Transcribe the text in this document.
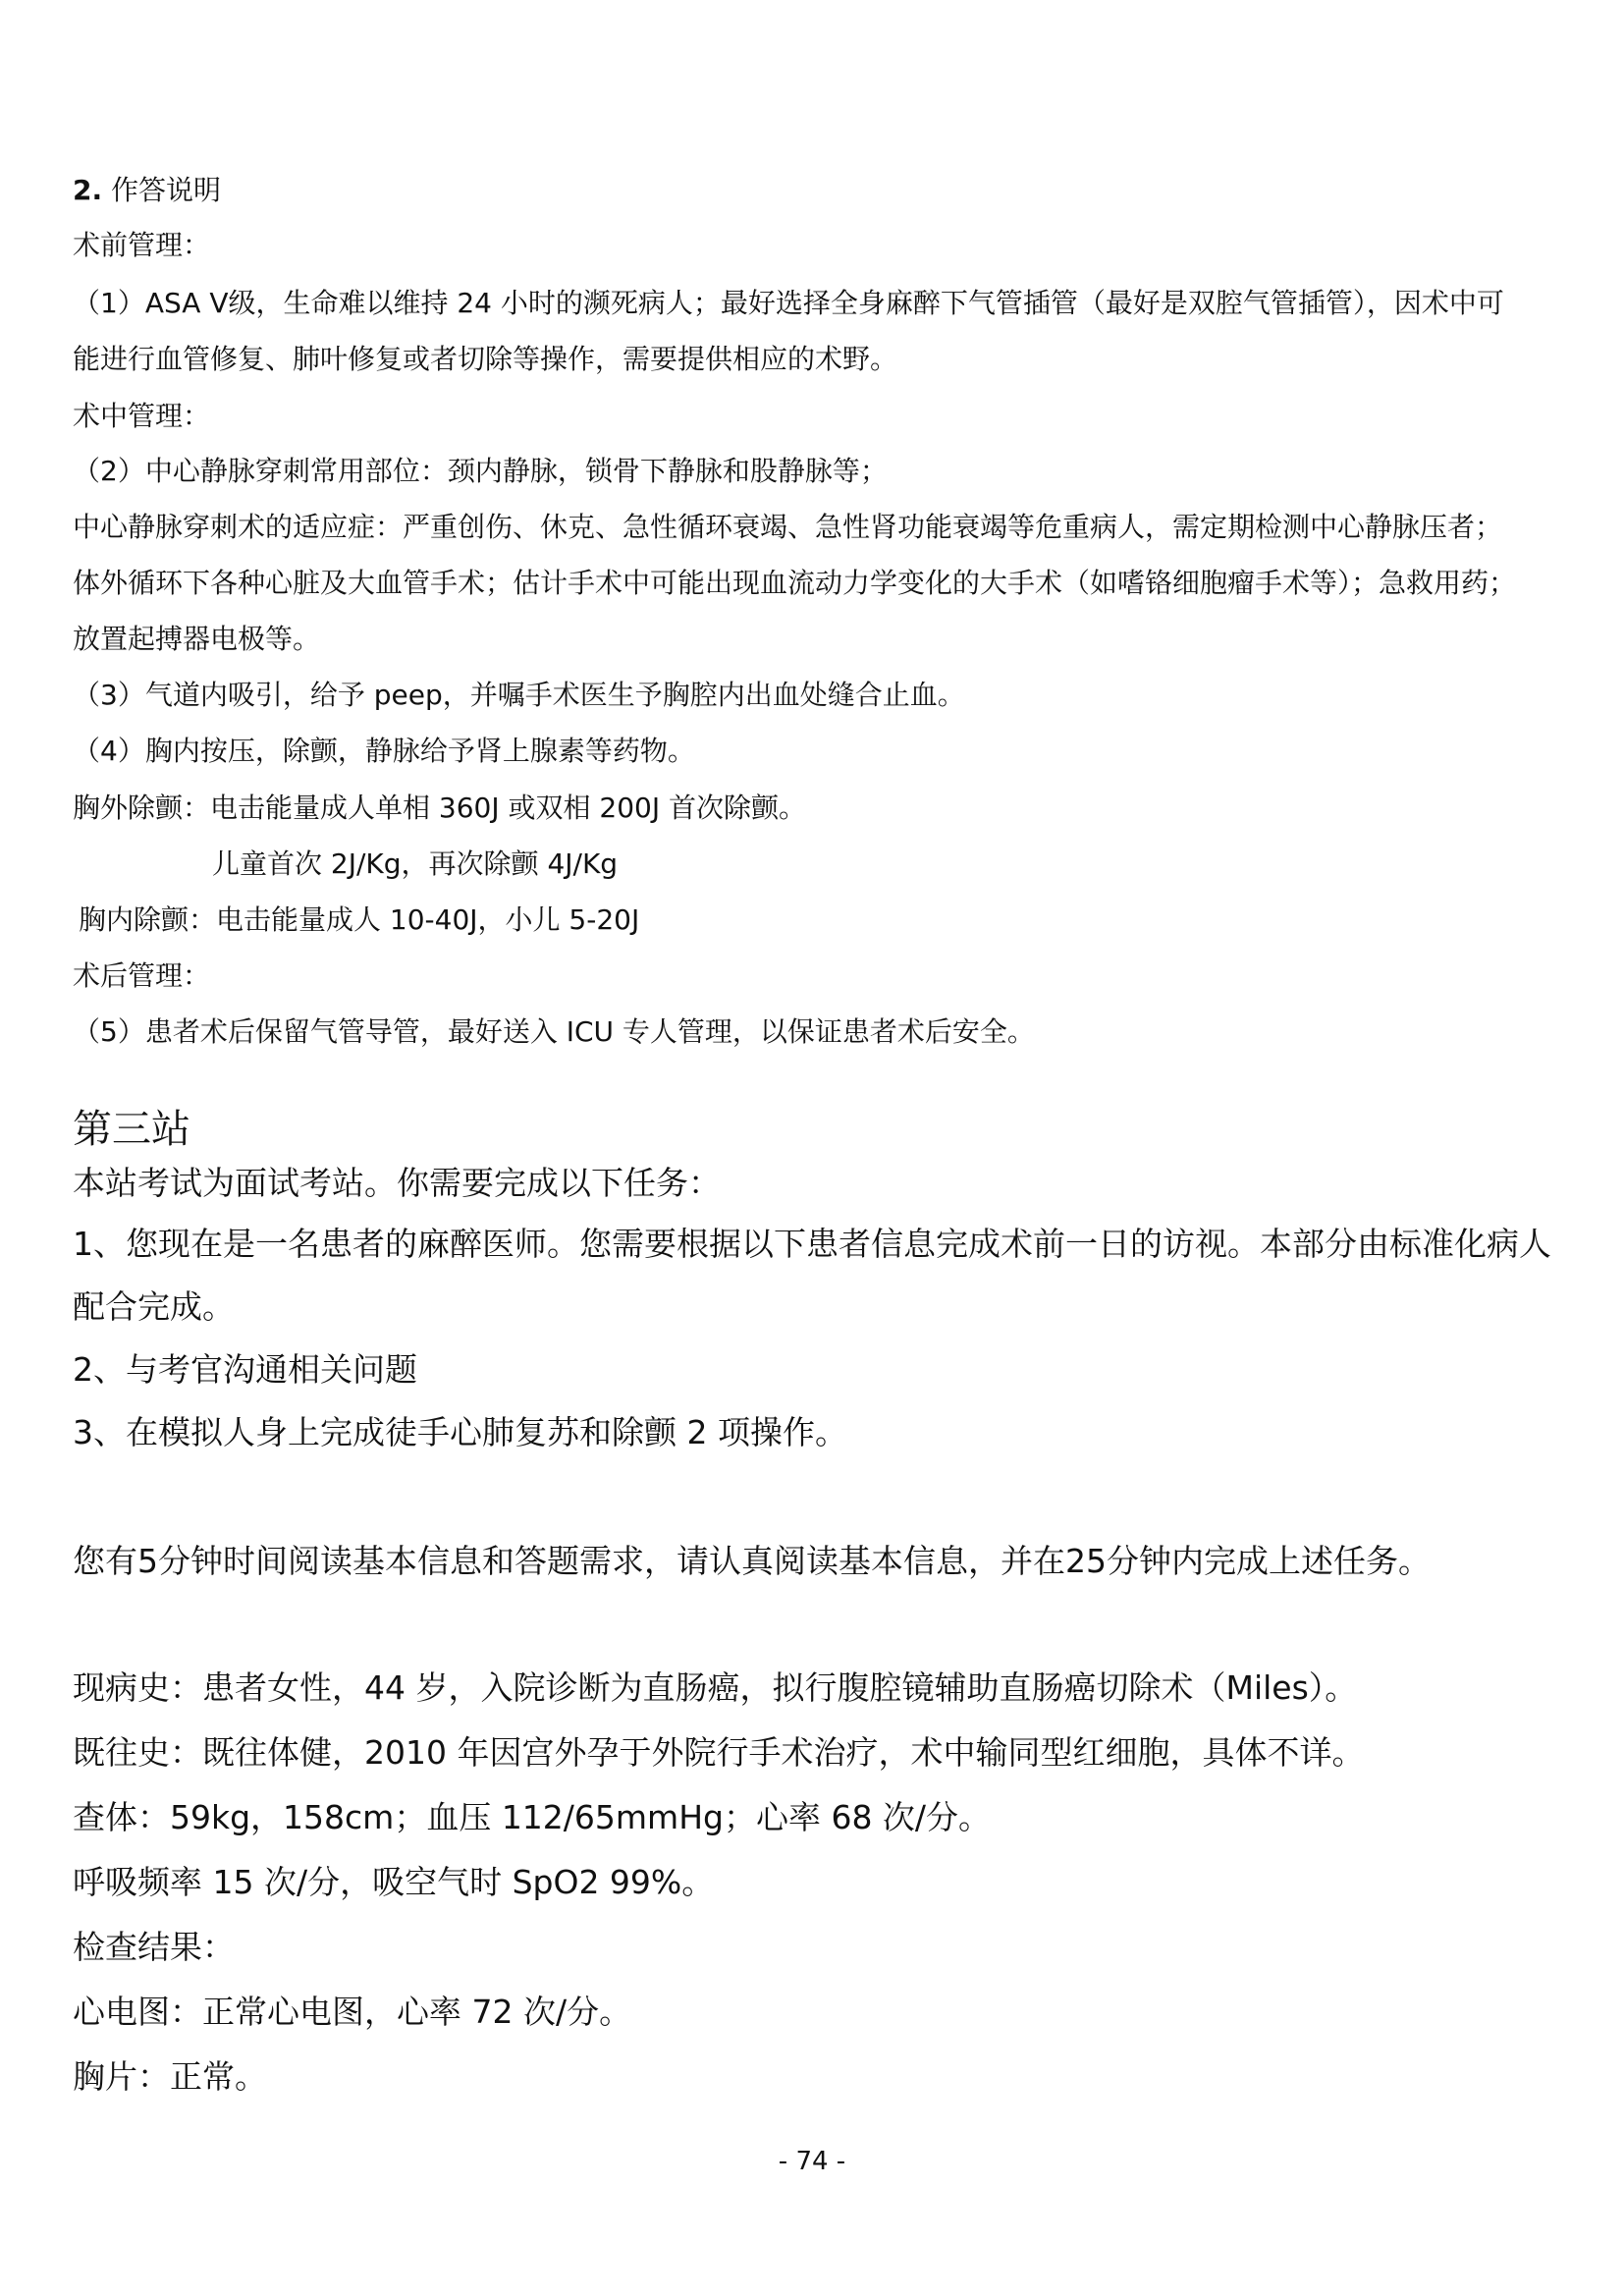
2. 作答说明
术前管理：
（1）ASA Ⅴ级，生命难以维持 24 小时的濒死病人；最好选择全身麻醉下气管插管（最好是双腔气管插管），因术中可
能进行血管修复、肺叶修复或者切除等操作，需要提供相应的术野。
术中管理：
（2）中心静脉穿刺常用部位：颈内静脉，锁骨下静脉和股静脉等；
中心静脉穿刺术的适应症：严重创伤、休克、急性循环衰竭、急性肾功能衰竭等危重病人，需定期检测中心静脉压者；
体外循环下各种心脏及大血管手术；估计手术中可能出现血流动力学变化的大手术（如嗜铬细胞瘤手术等）；急救用药；
放置起搏器电极等。
（3）气道内吸引，给予 peep，并嘱手术医生予胸腔内出血处缝合止血。
（4）胸内按压，除颤，静脉给予肾上腺素等药物。
胸外除颤：电击能量成人单相 360J 或双相 200J 首次除颤。
儿童首次 2J/Kg，再次除颤 4J/Kg
胸内除颤：电击能量成人 10-40J，小儿 5-20J
术后管理：
（5）患者术后保留气管导管，最好送入 ICU 专人管理，以保证患者术后安全。
第三站
本站考试为面试考站。你需要完成以下任务：
1、您现在是一名患者的麻醉医师。您需要根据以下患者信息完成术前一日的访视。本部分由标准化病人
配合完成。
2、与考官沟通相关问题
3、在模拟人身上完成徒手心肺复苏和除颤 2 项操作。
您有5分钟时间阅读基本信息和答题需求，请认真阅读基本信息，并在25分钟内完成上述任务。
现病史：患者女性，44 岁，入院诊断为直肠癌，拟行腹腔镜辅助直肠癌切除术（Miles）。
既往史：既往体健，2010 年因宫外孕于外院行手术治疗，术中输同型红细胞，具体不详。
查体：59kg，158cm；血压 112/65mmHg；心率 68 次/分。
呼吸频率 15 次/分，吸空气时 SpO2 99%。
检查结果：
心电图：正常心电图，心率 72 次/分。
胸片：正常。
- 74 -
